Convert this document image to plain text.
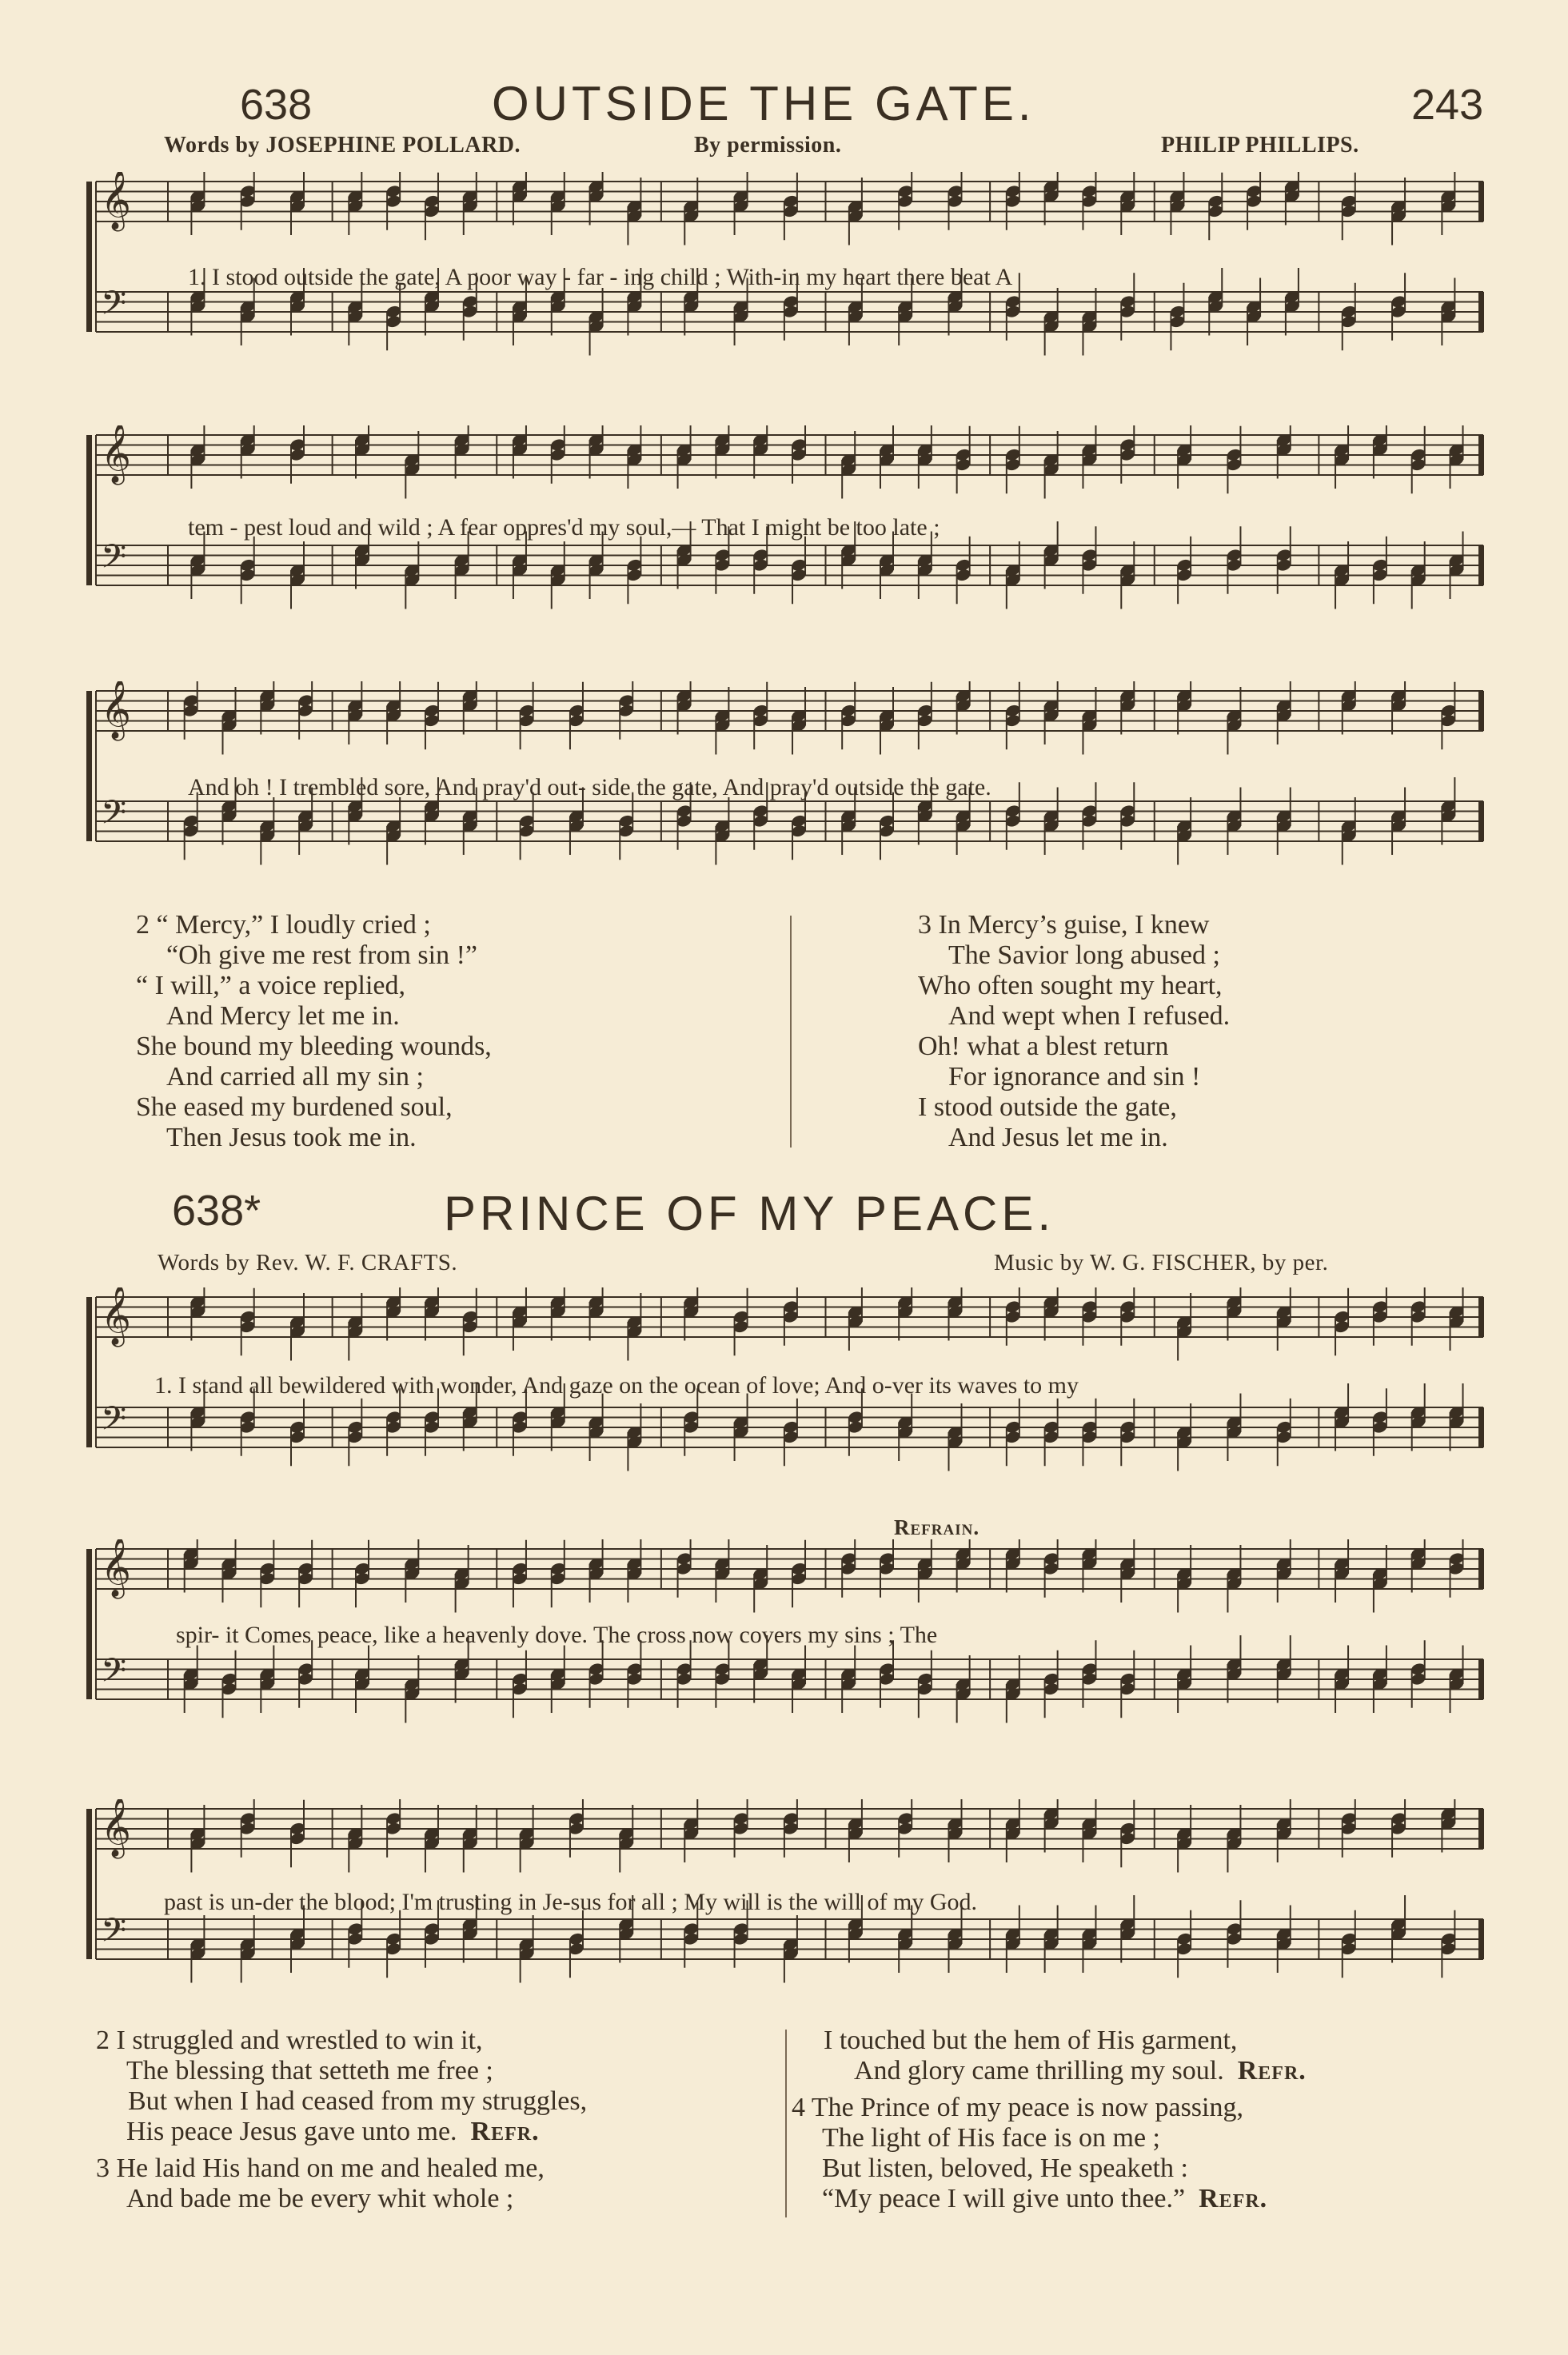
638	OUTSIDE THE GATE.	243
Words by JOSEPHINE POLLARD.	By permission.	PHILIP PHILLIPS.
𝄞
𝄢
1. I stood outside the gate, A poor way - far - ing child ; With-in my heart there beat A
𝄞
𝄢
tem - pest loud and wild ; A fear oppres'd my soul,— That I might be too late ;
𝄞
𝄢
And oh ! I trembled sore, And pray'd out- side the gate, And pray'd outside the gate.
2 “ Mercy,” I loudly cried ;
“Oh give me rest from sin !”
“ I will,” a voice replied,
And Mercy let me in.
She bound my bleeding wounds,
And carried all my sin ;
She eased my burdened soul,
Then Jesus took me in.
3 In Mercy’s guise, I knew
The Savior long abused ;
Who often sought my heart,
And wept when I refused.
Oh! what a blest return
For ignorance and sin !
I stood outside the gate,
And Jesus let me in.
638*	PRINCE OF MY PEACE.
Words by Rev. W. F. CRAFTS.	Music by W. G. FISCHER, by per.
𝄞
𝄢
1. I stand all bewildered with wonder, And gaze on the ocean of love; And o-ver its waves to my
Refrain.
𝄞
𝄢
spir- it Comes peace, like a heavenly dove. The cross now covers my sins ; The
𝄞
𝄢
past is un-der the blood; I'm trusting in Je-sus for all ; My will is the will of my God.
2 I struggled and wrestled to win it,
The blessing that setteth me free ;
But when I had ceased from my struggles,
His peace Jesus gave unto me. Refr.
3 He laid His hand on me and healed me,
And bade me be every whit whole ;
I touched but the hem of His garment,
And glory came thrilling my soul. Refr.
4 The Prince of my peace is now passing,
The light of His face is on me ;
But listen, beloved, He speaketh :
“My peace I will give unto thee.” Refr.
